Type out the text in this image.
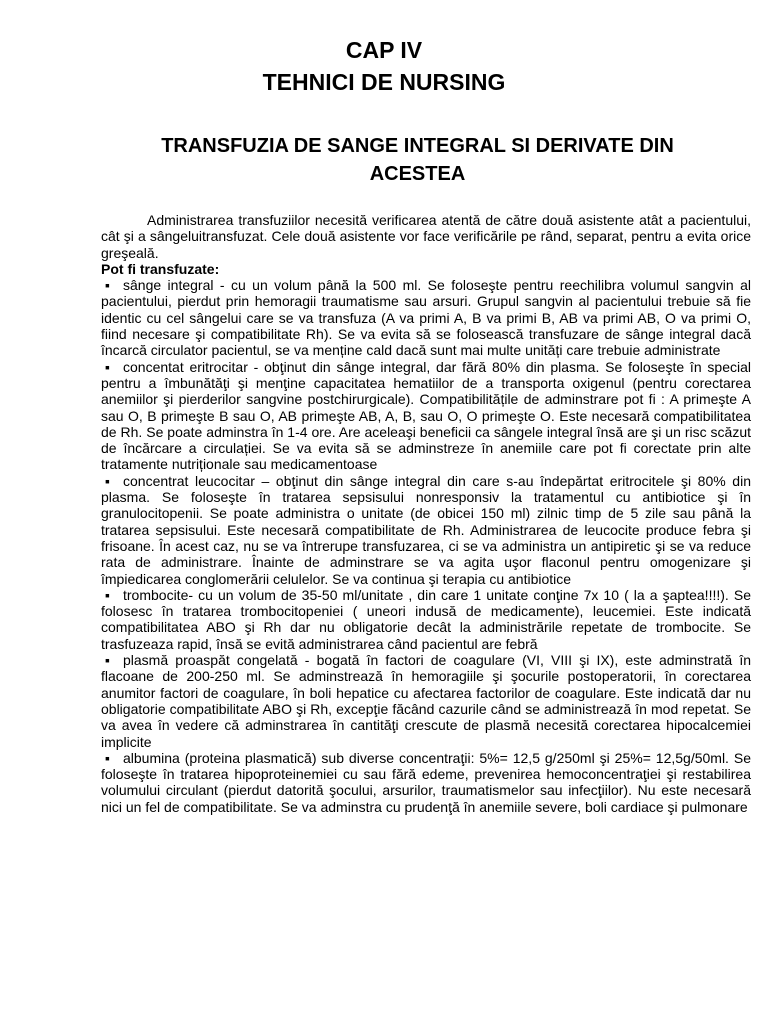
CAP IV
TEHNICI DE NURSING
TRANSFUZIA DE SANGE INTEGRAL SI DERIVATE DIN ACESTEA

Administrarea transfuziilor necesită verificarea atentă de către două asistente atât a pacientului, cât şi a sângeluitransfuzat. Cele două asistente vor face verificările pe rând, separat, pentru a evita orice greşeală.

Pot fi transfuzate:

▪ sânge integral - cu un volum până la 500 ml. Se foloseşte pentru reechilibra volumul sangvin al pacientului, pierdut prin hemoragii traumatisme sau arsuri. Grupul sangvin al pacientului trebuie să fie identic cu cel sângelui care se va transfuza (A va primi A, B va primi B, AB va primi AB, O va primi O, fiind necesare şi compatibilitate Rh). Se va evita să se folosească transfuzare de sânge integral dacă încarcă circulator pacientul, se va menține cald dacă sunt mai multe unități care trebuie administrate

▪ concentat eritrocitar - obţinut din sânge integral, dar fără 80% din plasma. Se foloseşte în special pentru a îmbunătăţi şi menţine capacitatea hematiilor de a transporta oxigenul (pentru corectarea anemiilor şi pierderilor sangvine postchirurgicale). Compatibilitățile de adminstrare pot fi : A primeşte A sau O, B primeşte B sau O, AB primeşte AB, A, B, sau O, O primeşte O. Este necesară compatibilitatea de Rh. Se poate adminstra în 1-4 ore. Are aceleaşi beneficii ca sângele integral însă are şi un risc scăzut de încărcare a circulației. Se va evita să se adminstreze în anemiile care pot fi corectate prin alte tratamente nutriționale sau medicamentoase

▪ concentrat leucocitar – obţinut din sânge integral din care s-au îndepărtat eritrocitele şi 80% din plasma. Se foloseşte în tratarea sepsisului nonresponsiv la tratamentul cu antibiotice şi în granulocitopenii. Se poate administra o unitate (de obicei 150 ml) zilnic timp de 5 zile sau până la tratarea sepsisului. Este necesară compatibilitate de Rh. Administrarea de leucocite produce febra şi frisoane. În acest caz, nu se va întrerupe transfuzarea, ci se va administra un antipiretic şi se va reduce rata de administrare. Înainte de adminstrare se va agita uşor flaconul pentru omogenizare şi împiedicarea conglomerării celulelor. Se va continua şi terapia cu antibiotice

▪ trombocite- cu un volum de 35-50 ml/unitate , din care 1 unitate conţine 7x 10 ( la a şaptea!!!!). Se folosesc în tratarea trombocitopeniei ( uneori indusă de medicamente), leucemiei. Este indicată compatibilitatea ABO şi Rh dar nu obligatorie decât la administrările repetate de trombocite. Se trasfuzeaza rapid, însă se evită administrarea când pacientul are febră

▪ plasmă proaspăt congelată - bogată în factori de coagulare (VI, VIII şi IX), este adminstrată în flacoane de 200-250 ml. Se adminstrează în hemoragiile şi şocurile postoperatorii, în corectarea anumitor factori de coagulare, în boli hepatice cu afectarea factorilor de coagulare. Este indicată dar nu obligatorie compatibilitate ABO şi Rh, excepţie făcând cazurile când se administrează în mod repetat. Se va avea în vedere că adminstrarea în cantităţi crescute de plasmă necesită corectarea hipocalcemiei implicite

▪ albumina (proteina plasmatică) sub diverse concentraţii: 5%= 12,5 g/250ml şi 25%= 12,5g/50ml. Se foloseşte în tratarea hipoproteinemiei cu sau fără edeme, prevenirea hemoconcentraţiei şi restabilirea volumului circulant (pierdut datorită şocului, arsurilor, traumatismelor sau infecţiilor). Nu este necesară nici un fel de compatibilitate. Se va adminstra cu prudenţă în anemiile severe, boli cardiace şi pulmonare
